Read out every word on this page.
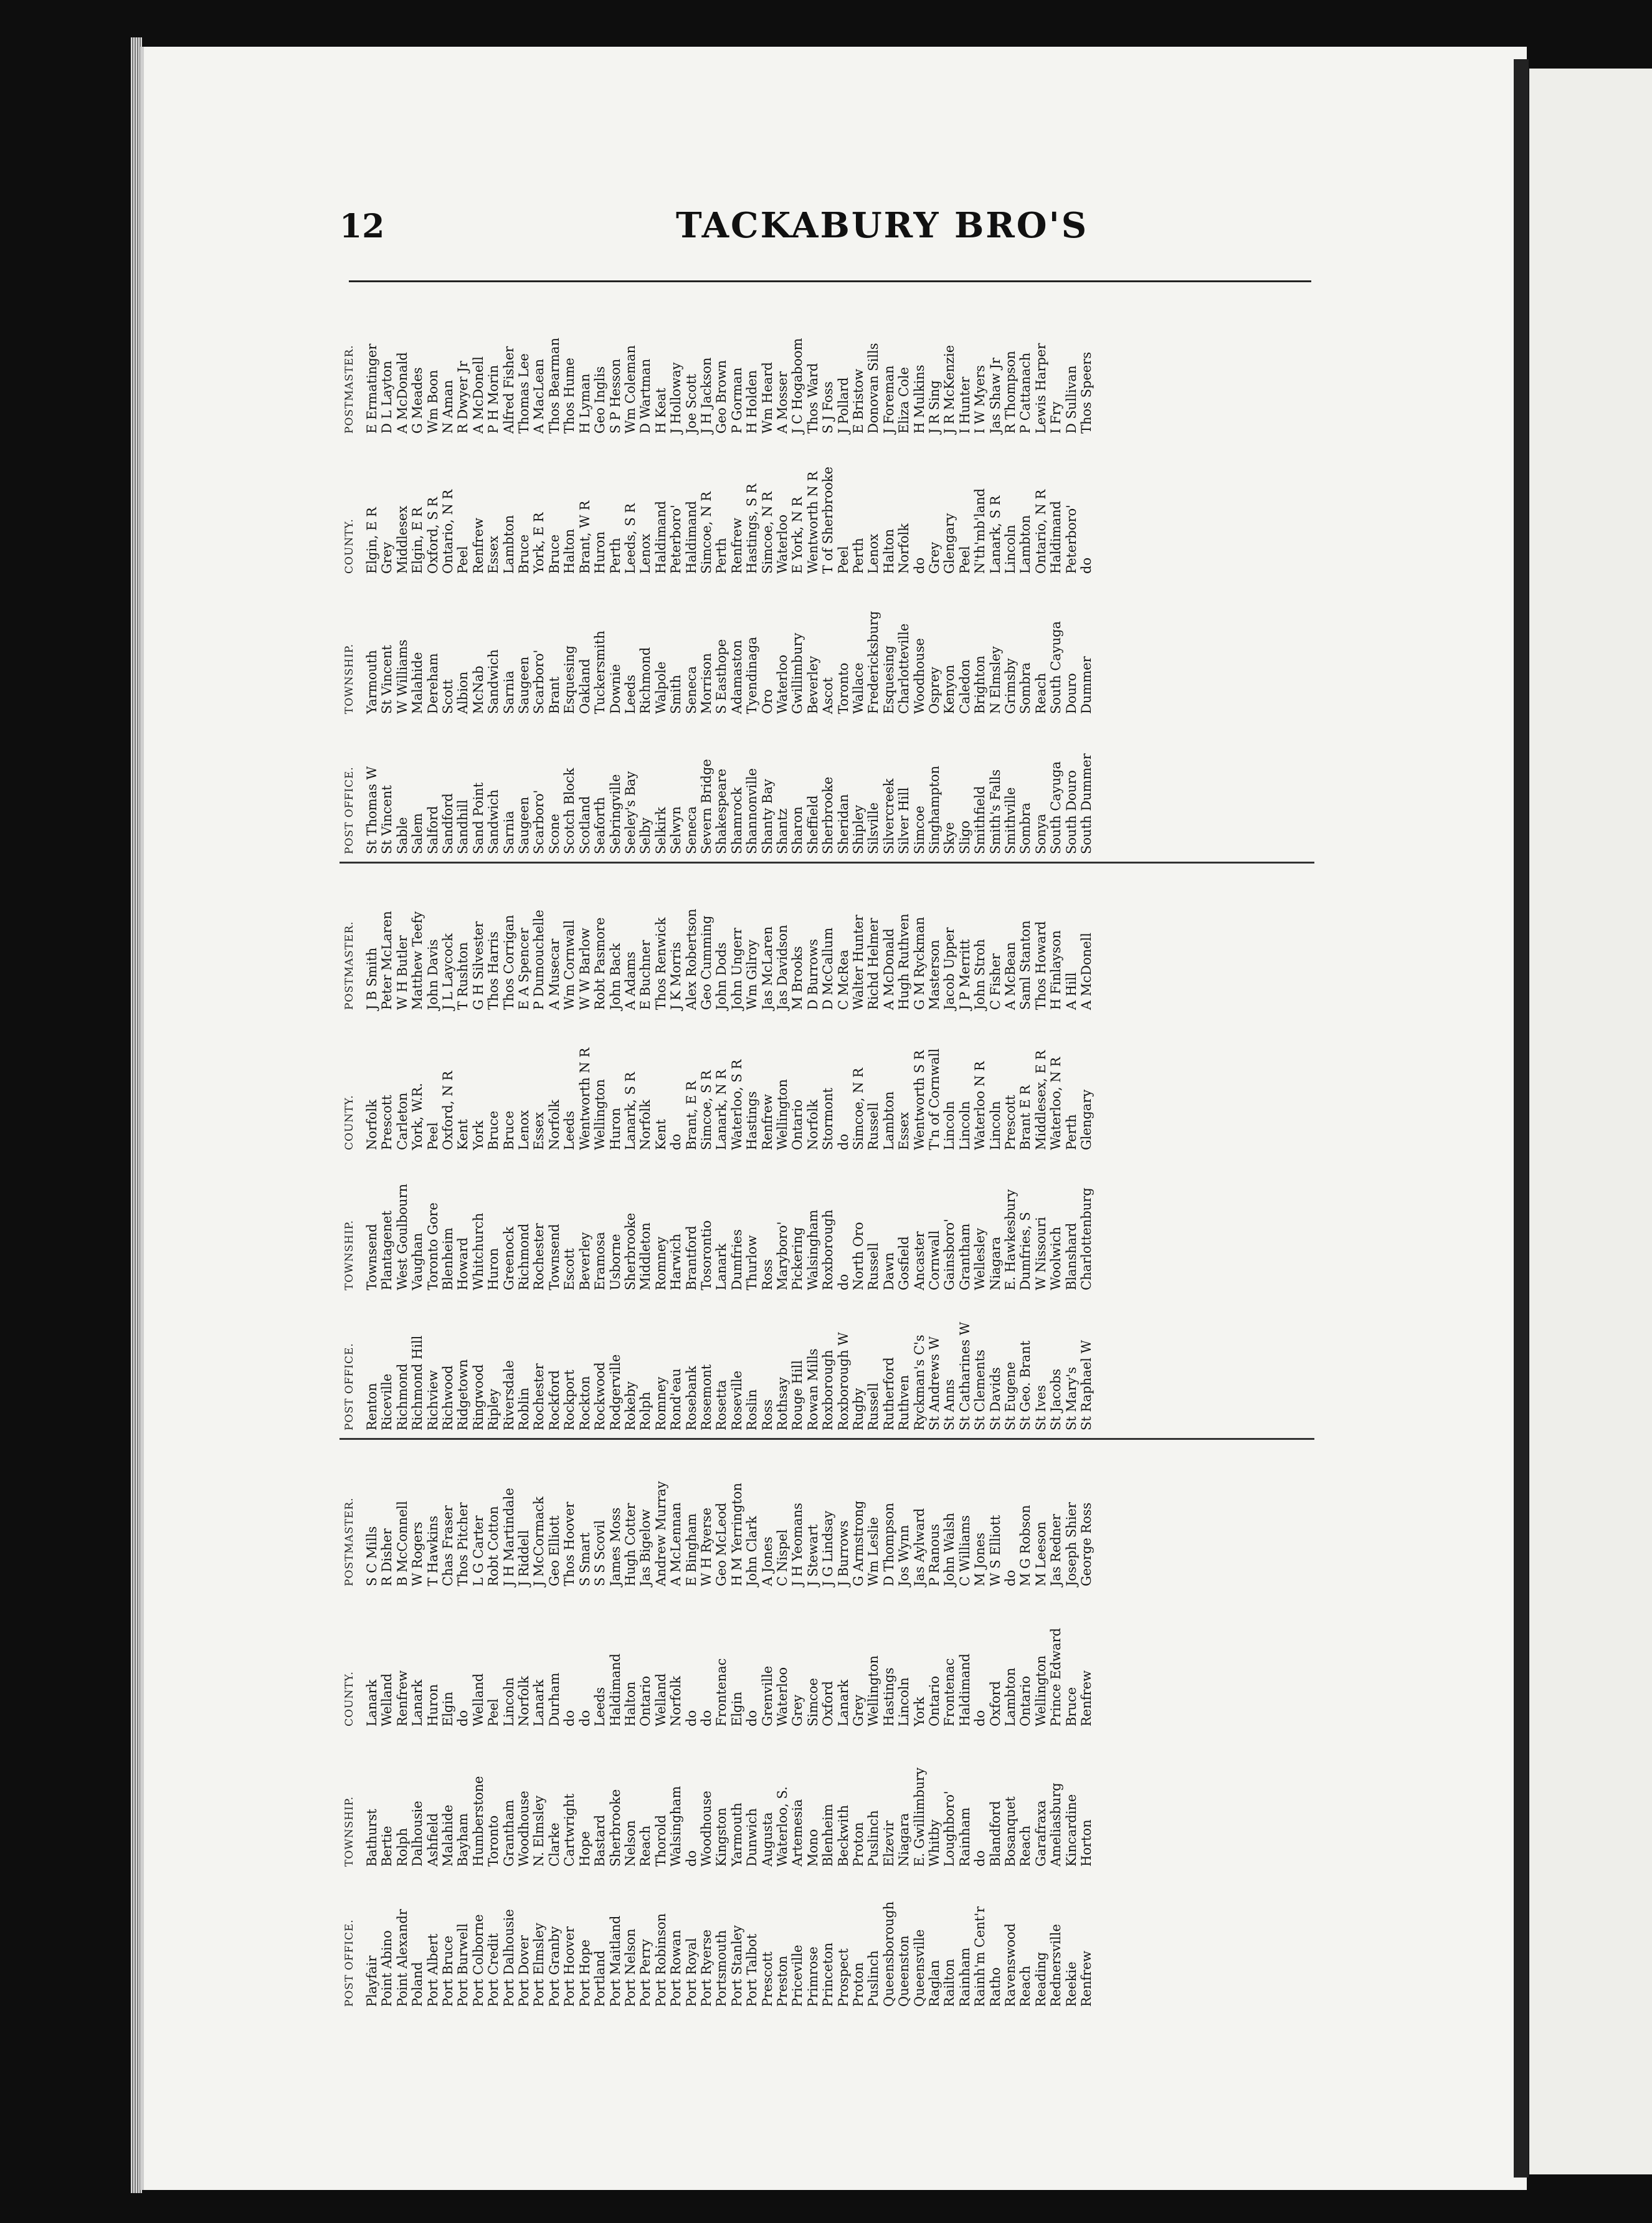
12	TACKABURY BRO'S
POST OFFICE.	TOWNSHIP.	COUNTY.	POSTMASTER.
Playfair	Bathurst	Lanark	S C Mills
Point Abino	Bertie	Welland	R Disher
Point Alexandr	Rolph	Renfrew	B McConnell
Poland	Dalhousie	Lanark	W Rogers
Port Albert	Ashfield	Huron	T Hawkins
Port Bruce	Malahide	Elgin	Chas Fraser
Port Burwell	Bayham	do	Thos Pitcher
Port Colborne	Humberstone	Welland	L G Carter
Port Credit	Toronto	Peel	Robt Cotton
Port Dalhousie	Grantham	Lincoln	J H Martindale
Port Dover	Woodhouse	Norfolk	J Riddell
Port Elmsley	N. Elmsley	Lanark	J McCormack
Port Granby	Clarke	Durham	Geo Elliott
Port Hoover	Cartwright	do	Thos Hoover
Port Hope	Hope	do	S Smart
Portland	Bastard	Leeds	S S Scovil
Port Maitland	Sherbrooke	Haldimand	James Moss
Port Nelson	Nelson	Halton	Hugh Cotter
Port Perry	Reach	Ontario	Jas Bigelow
Port Robinson	Thorold	Welland	Andrew Murray
Port Rowan	Walsingham	Norfolk	A McLennan
Port Royal	do	do	E Bingham
Port Ryerse	Woodhouse	do	W H Ryerse
Portsmouth	Kingston	Frontenac	Geo McLeod
Port Stanley	Yarmouth	Elgin	H M Yerrington
Port Talbot	Dunwich	do	John Clark
Prescott	Augusta	Grenville	A Jones
Preston	Waterloo, S.	Waterloo	C Nispel
Priceville	Artemesia	Grey	J H Yeomans
Primrose	Mono	Simcoe	J Stewart
Princeton	Blenheim	Oxford	J G Lindsay
Prospect	Beckwith	Lanark	J Burrows
Proton	Proton	Grey	G Armstrong
Puslinch	Puslinch	Wellington	Wm Leslie
Queensborough	Elzevir	Hastings	D Thompson
Queenston	Niagara	Lincoln	Jos Wynn
Queensville	E. Gwillimbury	York	Jas Aylward
Raglan	Whitby	Ontario	P Ranous
Railton	Loughboro'	Frontenac	John Walsh
Rainham	Rainham	Haldimand	C Williams
Rainh'm Cent'r	do	do	M Jones
Ratho	Blandford	Oxford	W S Elliott
Ravenswood	Bosanquet	Lambton	do
Reach	Reach	Ontario	M G Robson
Reading	Garafraxa	Wellington	M Leeson
Rednersville	Ameliasburg	Prince Edward	Jas Redner
Reekie	Kincardine	Bruce	Joseph Shier
Renfrew	Horton	Renfrew	George Ross
POST OFFICE.	TOWNSHIP.	COUNTY.	POSTMASTER.
Renton	Townsend	Norfolk	J B Smith
Riceville	Plantagenet	Prescott	Peter McLaren
Richmond	West Goulbourn	Carleton	W H Butler
Richmond Hill	Vaughan	York, W.R.	Matthew Teefy
Richview	Toronto Gore	Peel	John Davis
Richwood	Blenheim	Oxford, N R	J L Laycock
Ridgetown	Howard	Kent	T Rushton
Ringwood	Whitchurch	York	G H Silvester
Ripley	Huron	Bruce	Thos Harris
Riversdale	Greenock	Bruce	Thos Corrigan
Roblin	Richmond	Lenox	E A Spencer
Rochester	Rochester	Essex	P Dumouchelle
Rockford	Townsend	Norfolk	A Musecar
Rockport	Escott	Leeds	Wm Cornwall
Rockton	Beverley	Wentworth N R	W W Barlow
Rockwood	Eramosa	Wellington	Robt Pasmore
Rodgerville	Usborne	Huron	John Back
Rokeby	Sherbrooke	Lanark, S R	A Adams
Rolph	Middleton	Norfolk	E Buchner
Romney	Romney	Kent	Thos Renwick
Rond'eau	Harwich	do	J K Morris
Rosebank	Brantford	Brant, E R	Alex Robertson
Rosemont	Tosorontio	Simcoe, S R	Geo Cumming
Rosetta	Lanark	Lanark, N R	John Dods
Roseville	Dumfries	Waterloo, S R	John Ungerr
Roslin	Thurlow	Hastings	Wm Gilroy
Ross	Ross	Renfrew	Jas McLaren
Rothsay	Maryboro'	Wellington	Jas Davidson
Rouge Hill	Pickering	Ontario	M Brooks
Rowan Mills	Walsingham	Norfolk	D Burrows
Roxborough	Roxborough	Stormont	D McCallum
Roxborough W	do	do	C McRea
Rugby	North Oro	Simcoe, N R	Walter Hunter
Russell	Russell	Russell	Richd Helmer
Rutherford	Dawn	Lambton	A McDonald
Ruthven	Gosfield	Essex	Hugh Ruthven
Ryckman's C's	Ancaster	Wentworth S R	G M Ryckman
St Andrews W	Cornwall	T'n of Cornwall	Masterson
St Anns	Gainsboro'	Lincoln	Jacob Upper
St Catharines W	Grantham	Lincoln	J P Merritt
St Clements	Wellesley	Waterloo N R	John Stroh
St Davids	Niagara	Lincoln	C Fisher
St Eugene	E. Hawkesbury	Prescott	A McBean
St Geo. Brant	Dumfries, S	Brant E R	Saml Stanton
St Ives	W Nissouri	Middlesex, E R	Thos Howard
St Jacobs	Woolwich	Waterloo, N R	H Finlayson
St Mary's	Blanshard	Perth	A Hill
St Raphael W	Charlottenburg	Glengary	A McDonell
POST OFFICE.	TOWNSHIP.	COUNTY.	POSTMASTER.
St Thomas W	Yarmouth	Elgin, E R	E Ermatinger
St Vincent	St Vincent	Grey	D L Layton
Sable	W Williams	Middlesex	A McDonald
Salem	Malahide	Elgin, E R	G Meades
Salford	Dereham	Oxford, S R	Wm Boon
Sandford	Scott	Ontario, N R	N Aman
Sandhill	Albion	Peel	R Dwyer Jr
Sand Point	McNab	Renfrew	A McDonell
Sandwich	Sandwich	Essex	P H Morin
Sarnia	Sarnia	Lambton	Alfred Fisher
Saugeen	Saugeen	Bruce	Thomas Lee
Scarboro'	Scarboro'	York, E R	A MacLean
Scone	Brant	Bruce	Thos Bearman
Scotch Block	Esquesing	Halton	Thos Hume
Scotland	Oakland	Brant, W R	H Lyman
Seaforth	Tuckersmith	Huron	Geo Inglis
Sebringville	Downie	Perth	S P Hesson
Seeley's Bay	Leeds	Leeds, S R	Wm Coleman
Selby	Richmond	Lenox	D Wartman
Selkirk	Walpole	Haldimand	H Keat
Selwyn	Smith	Peterboro'	J Holloway
Seneca	Seneca	Haldimand	Joe Scott
Severn Bridge	Morrison	Simcoe, N R	J H Jackson
Shakespeare	S Easthope	Perth	Geo Brown
Shamrock	Adamaston	Renfrew	P Gorman
Shannonville	Tyendinaga	Hastings, S R	H Holden
Shanty Bay	Oro	Simcoe, N R	Wm Heard
Shantz	Waterloo	Waterloo	A Mosser
Sharon	Gwillimbury	E York, N R	J C Hogaboom
Sheffield	Beverley	Wentworth N R	Thos Ward
Sherbrooke	Ascot	T of Sherbrooke	S J Foss
Sheridan	Toronto	Peel	J Pollard
Shipley	Wallace	Perth	E Bristow
Silsville	Fredericksburg	Lenox	Donovan Sills
Silvercreek	Esquesing	Halton	J Foreman
Silver Hill	Charlotteville	Norfolk	Eliza Cole
Simcoe	Woodhouse	do	H Mulkins
Singhampton	Osprey	Grey	J R Sing
Skye	Kenyon	Glengary	J R McKenzie
Sligo	Caledon	Peel	I Hunter
Smithfield	Brighton	N'th'mb'land	I W Myers
Smith's Falls	N Elmsley	Lanark, S R	Jas Shaw Jr
Smithville	Grimsby	Lincoln	R Thompson
Sombra	Sombra	Lambton	P Cattanach
Sonya	Reach	Ontario, N R	Lewis Harper
South Cayuga	South Cayuga	Haldimand	I Fry
South Douro	Douro	Peterboro'	D Sullivan
South Dummer	Dummer	do	Thos Speers
